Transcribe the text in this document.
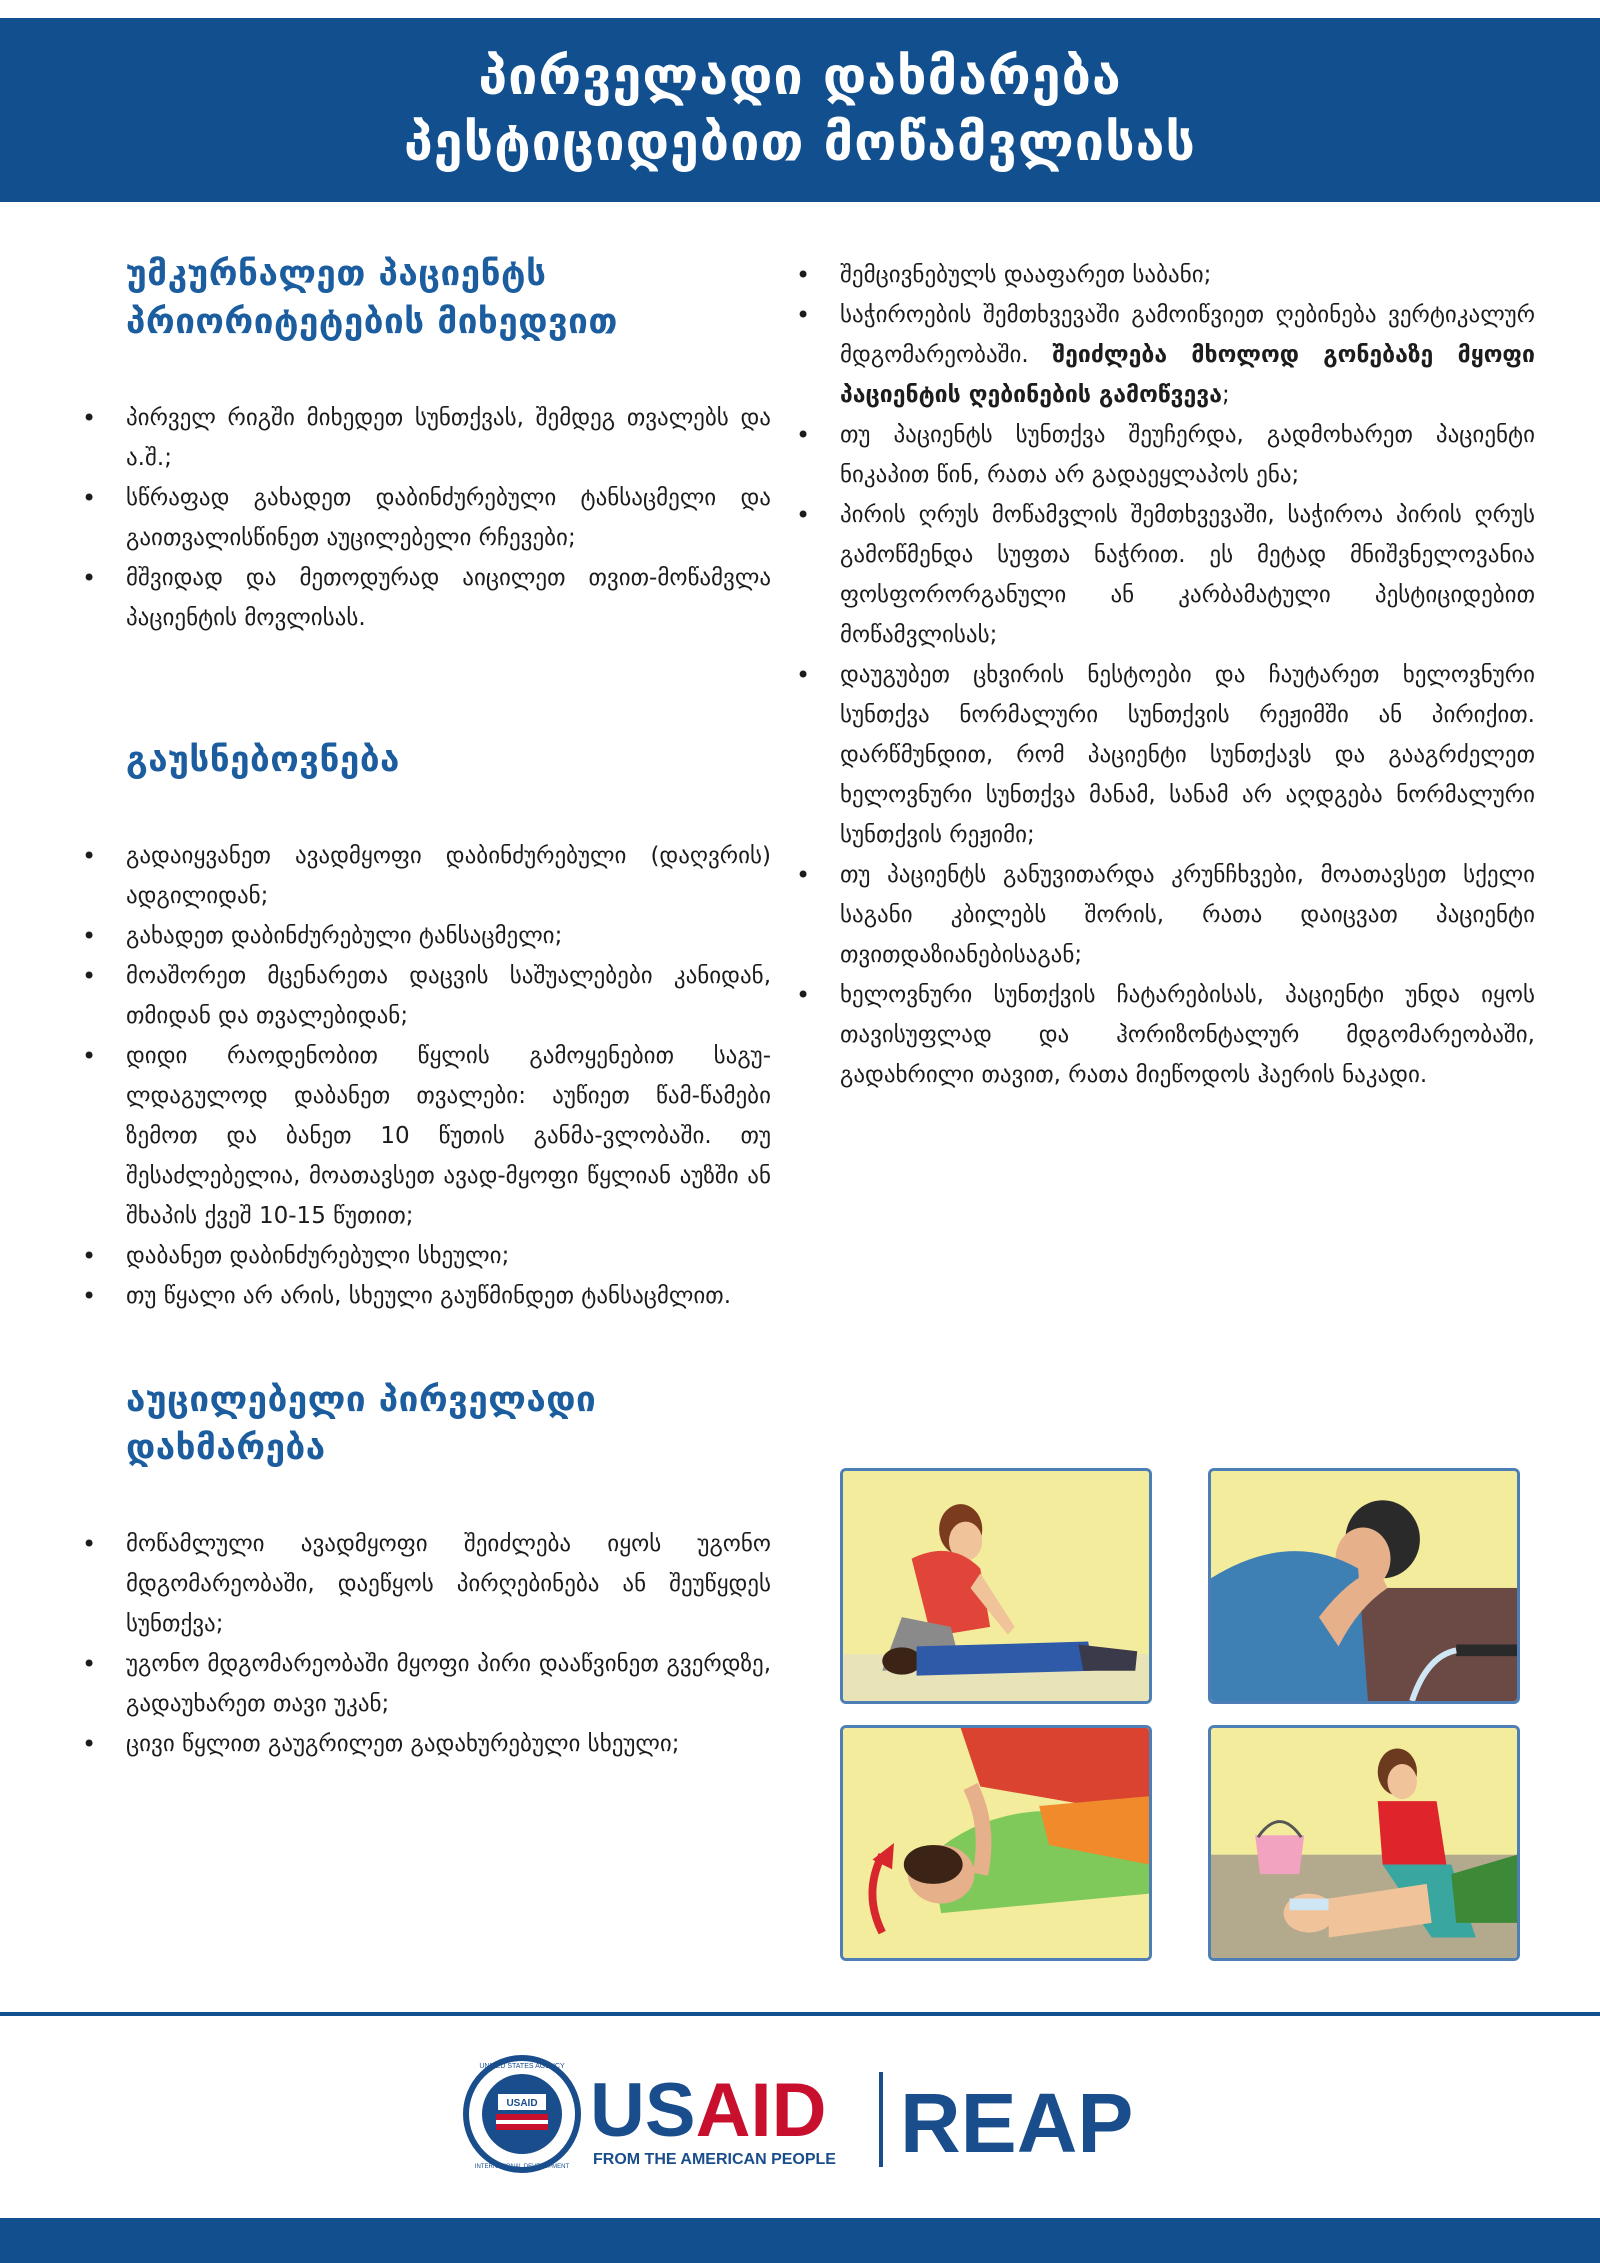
პირველადი დახმარება
პესტიციდებით მოწამვლისას
უმკურნალეთ პაციენტს
პრიორიტეტების მიხედვით
• პირველ რიგში მიხედეთ სუნთქვას, შემდეგ თვალებს და ა.შ.;
• სწრაფად გახადეთ დაბინძურებული ტანსაცმელი და გაითვალისწინეთ აუცილებელი რჩევები;
• მშვიდად და მეთოდურად აიცილეთ თვით-მოწამვლა პაციენტის მოვლისას.
გაუსნებოვნება
• გადაიყვანეთ ავადმყოფი დაბინძურებული (დაღვრის) ადგილიდან;
• გახადეთ დაბინძურებული ტანსაცმელი;
• მოაშორეთ მცენარეთა დაცვის საშუალებები კანიდან, თმიდან და თვალებიდან;
• დიდი რაოდენობით წყლის გამოყენებით საგუ-ლდაგულოდ დაბანეთ თვალები: აუწიეთ წამ-წამები ზემოთ და ბანეთ 10 წუთის განმა-ვლობაში. თუ შესაძლებელია, მოათავსეთ ავად-მყოფი წყლიან აუზში ან შხაპის ქვეშ 10-15 წუთით;
• დაბანეთ დაბინძურებული სხეული;
• თუ წყალი არ არის, სხეული გაუწმინდეთ ტანსაცმლით.
აუცილებელი პირველადი
დახმარება
• მოწამლული ავადმყოფი შეიძლება იყოს უგონო მდგომარეობაში, დაეწყოს პირღებინება ან შეუწყდეს სუნთქვა;
• უგონო მდგომარეობაში მყოფი პირი დააწვინეთ გვერდზე, გადაუხარეთ თავი უკან;
• ცივი წყლით გაუგრილეთ გადახურებული სხეული;
• შემცივნებულს დააფარეთ საბანი;
• საჭიროების შემთხვევაში გამოიწვიეთ ღებინება ვერტიკალურ მდგომარეობაში. შეიძლება მხოლოდ გონებაზე მყოფი პაციენტის ღებინების გამოწვევა;
• თუ პაციენტს სუნთქვა შეუჩერდა, გადმოხარეთ პაციენტი ნიკაპით წინ, რათა არ გადაეყლაპოს ენა;
• პირის ღრუს მოწამვლის შემთხვევაში, საჭიროა პირის ღრუს გამოწმენდა სუფთა ნაჭრით. ეს მეტად მნიშვნელოვანია ფოსფორორგანული ან კარბამატული პესტიციდებით მოწამვლისას;
• დაუგუბეთ ცხვირის ნესტოები და ჩაუტარეთ ხელოვნური სუნთქვა ნორმალური სუნთქვის რეჟიმში ან პირიქით. დარწმუნდით, რომ პაციენტი სუნთქავს და გააგრძელეთ ხელოვნური სუნთქვა მანამ, სანამ არ აღდგება ნორმალური სუნთქვის რეჟიმი;
• თუ პაციენტს განუვითარდა კრუნჩხვები, მოათავსეთ სქელი საგანი კბილებს შორის, რათა დაიცვათ პაციენტი თვითდაზიანებისაგან;
• ხელოვნური სუნთქვის ჩატარებისას, პაციენტი უნდა იყოს თავისუფლად და ჰორიზონტალურ მდგომარეობაში, გადახრილი თავით, რათა მიეწოდოს ჰაერის ნაკადი.
USAID
UNITED STATES AGENCY
INTERNATIONAL DEVELOPMENT
USAID
FROM THE AMERICAN PEOPLE REAP
